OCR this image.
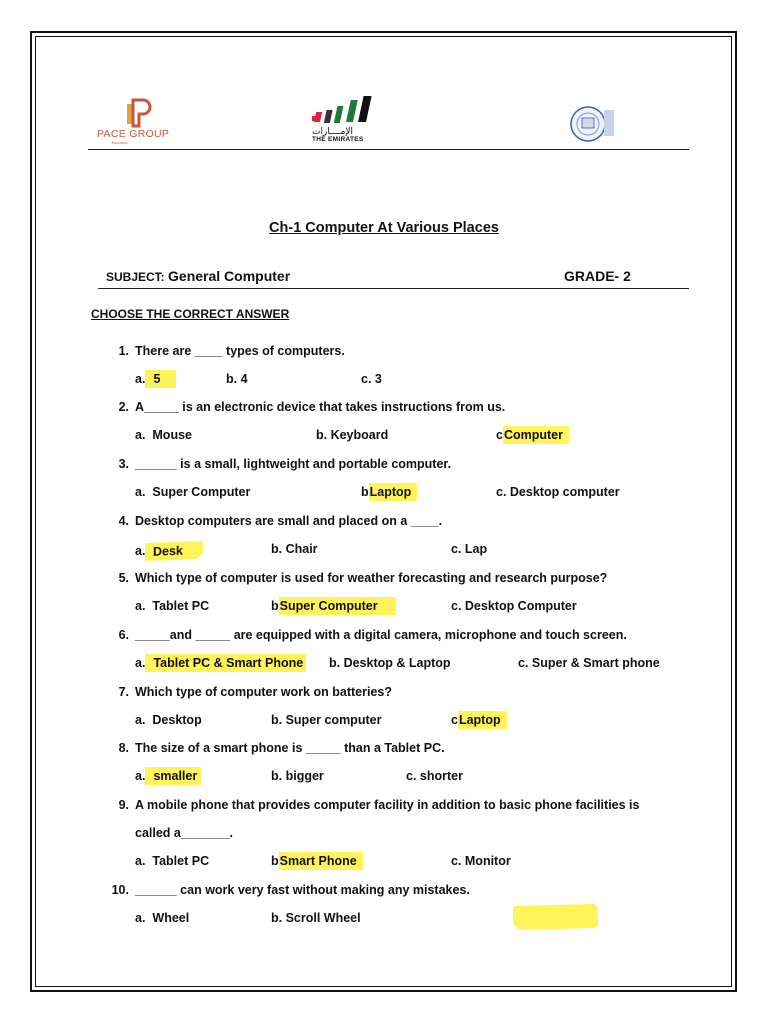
PACE GROUP
Education
الإمــــارات
THE EMIRATES
Ch-1 Computer At Various Places
SUBJECT: General Computer	GRADE- 2
CHOOSE THE CORRECT ANSWER
1. There are ____ types of computers.
a. 5	b. 4	c. 3
2. A_____ is an electronic device that takes instructions from us.
a. Mouse	b. Keyboard	cComputer
3. ______ is a small, lightweight and portable computer.
a. Super Computer	bLaptop	c. Desktop computer
4. Desktop computers are small and placed on a ____.
a. Desk	b. Chair	c. Lap
5. Which type of computer is used for weather forecasting and research purpose?
a. Tablet PC	bSuper Computer	c. Desktop Computer
6. _____and _____ are equipped with a digital camera, microphone and touch screen.
a. Tablet PC & Smart Phone b. Desktop & Laptop	c. Super & Smart phone
7. Which type of computer work on batteries?
a. Desktop	b. Super computer	cLaptop
8. The size of a smart phone is _____ than a Tablet PC.
a. smaller	b. bigger	c. shorter
9. A mobile phone that provides computer facility in addition to basic phone facilities is
called a_______.
a. Tablet PC	bSmart Phone	c. Monitor
10. ______ can work very fast without making any mistakes.
a. Wheel	b. Scroll Wheel
